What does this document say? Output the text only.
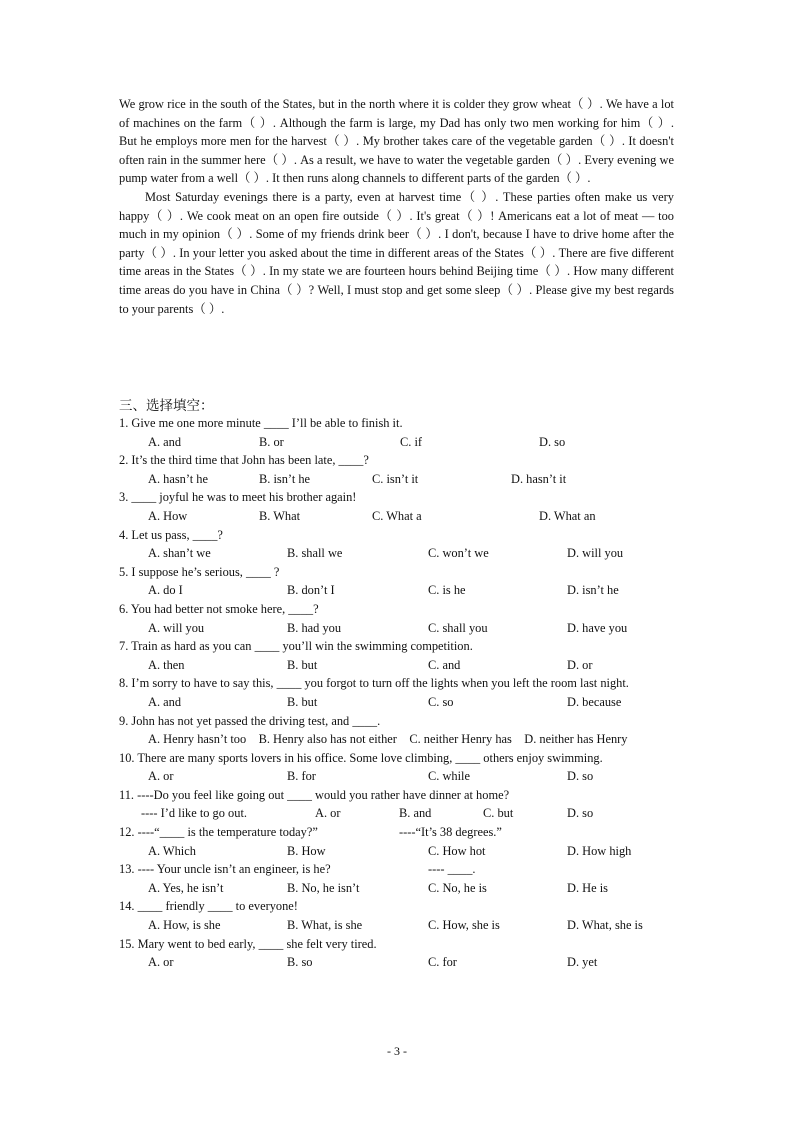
We grow rice in the south of the States, but in the north where it is colder they grow wheat（ ）. We have a lot of machines on the farm（ ）. Although the farm is large, my Dad has only two men working for him（ ）. But he employs more men for the harvest（ ）. My brother takes care of the vegetable garden（ ）. It doesn't often rain in the summer here（ ）. As a result, we have to water the vegetable garden（ ）. Every evening we pump water from a well（ ）. It then runs along channels to different parts of the garden（ ）.

Most Saturday evenings there is a party, even at harvest time（ ）. These parties often make us very happy（ ）. We cook meat on an open fire outside（ ）. It's great（ ）! Americans eat a lot of meat — too much in my opinion（ ）. Some of my friends drink beer（ ）. I don't, because I have to drive home after the party（ ）. In your letter you asked about the time in different areas of the States（ ）. There are five different time areas in the States（ ）. In my state we are fourteen hours behind Beijing time（ ）. How many different time areas do you have in China（ ）? Well, I must stop and get some sleep（ ）. Please give my best regards to your parents（ ）.

三、选择填空：
1. Give me one more minute ____ I’ll be able to finish it.
A. and	B. or	C. if	D. so
2. It’s the third time that John has been late, ____?
A. hasn’t he	B. isn’t he	C. isn’t it	D. hasn’t it
3. ____ joyful he was to meet his brother again!
A. How	B. What	C. What a	D. What an
4. Let us pass, ____?
A. shan’t we	B. shall we	C. won’t we	D. will you
5. I suppose he’s serious, ____ ?
A. do I	B. don’t I	C. is he	D. isn’t he
6. You had better not smoke here, ____?
A. will you	B. had you	C. shall you	D. have you
7. Train as hard as you can ____ you’ll win the swimming competition.
A. then	B. but	C. and	D. or
8. I’m sorry to have to say this, ____ you forgot to turn off the lights when you left the room last night.
A. and	B. but	C. so	D. because
9. John has not yet passed the driving test, and ____.
A. Henry hasn’t too B. Henry also has not either C. neither Henry has D. neither has Henry
10. There are many sports lovers in his office. Some love climbing, ____ others enjoy swimming.
A. or	B. for	C. while	D. so
11. ----Do you feel like going out ____ would you rather have dinner at home?
---- I’d like to go out.	A. or	B. and	C. but	D. so
12. ----“____ is the temperature today?”	----“It’s 38 degrees.”
A. Which	B. How	C. How hot	D. How high
13. ---- Your uncle isn’t an engineer, is he?	---- ____.
A. Yes, he isn’t	B. No, he isn’t	C. No, he is	D. He is
14. ____ friendly ____ to everyone!
A. How, is she	B. What, is she	C. How, she is	D. What, she is
15. Mary went to bed early, ____ she felt very tired.
A. or	B. so	C. for	D. yet
- 3 -
